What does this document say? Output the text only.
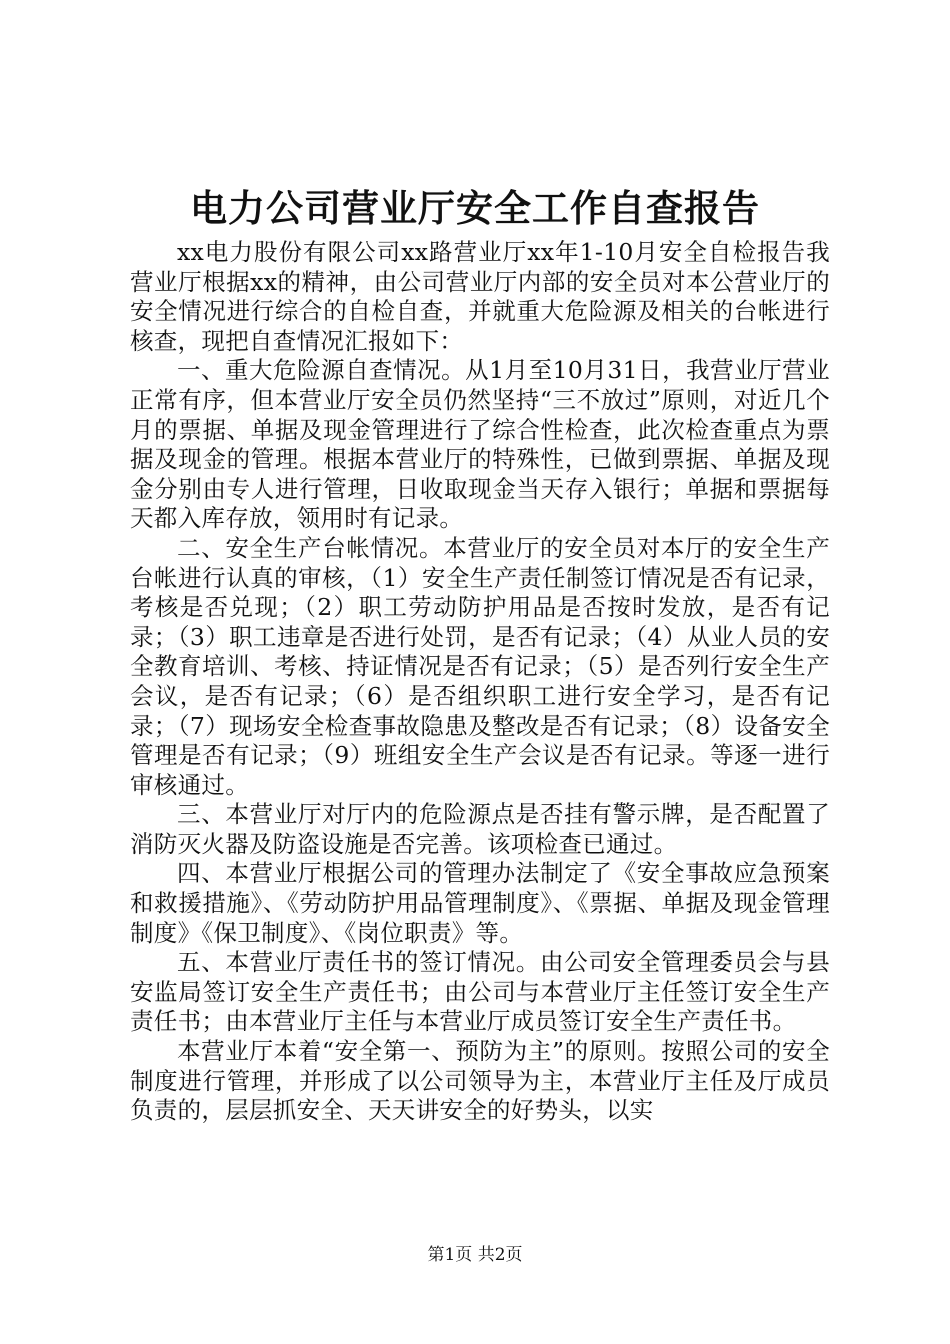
电力公司营业厅安全工作自查报告

xx电力股份有限公司xx路营业厅xx年1-10月安全自检报告我营业厅根据xx的精神，由公司营业厅内部的安全员对本公营业厅的安全情况进行综合的自检自查，并就重大危险源及相关的台帐进行核查，现把自查情况汇报如下：

一、重大危险源自查情况。从1月至10月31日，我营业厅营业正常有序，但本营业厅安全员仍然坚持“三不放过”原则，对近几个月的票据、单据及现金管理进行了综合性检查，此次检查重点为票据及现金的管理。根据本营业厅的特殊性，已做到票据、单据及现金分别由专人进行管理，日收取现金当天存入银行；单据和票据每天都入库存放，领用时有记录。

二、安全生产台帐情况。本营业厅的安全员对本厅的安全生产台帐进行认真的审核，（1）安全生产责任制签订情况是否有记录，考核是否兑现；（2）职工劳动防护用品是否按时发放，是否有记录；（3）职工违章是否进行处罚，是否有记录；（4）从业人员的安全教育培训、考核、持证情况是否有记录；（5）是否列行安全生产会议，是否有记录；（6）是否组织职工进行安全学习，是否有记录；（7）现场安全检查事故隐患及整改是否有记录；（8）设备安全管理是否有记录；（9）班组安全生产会议是否有记录。等逐一进行审核通过。

三、本营业厅对厅内的危险源点是否挂有警示牌，是否配置了消防灭火器及防盗设施是否完善。该项检查已通过。

四、本营业厅根据公司的管理办法制定了《安全事故应急预案和救援措施》、《劳动防护用品管理制度》、《票据、单据及现金管理制度》《保卫制度》、《岗位职责》等。

五、本营业厅责任书的签订情况。由公司安全管理委员会与县安监局签订安全生产责任书；由公司与本营业厅主任签订安全生产责任书；由本营业厅主任与本营业厅成员签订安全生产责任书。

本营业厅本着“安全第一、预防为主”的原则。按照公司的安全制度进行管理，并形成了以公司领导为主，本营业厅主任及厅成员负责的，层层抓安全、天天讲安全的好势头，以实

第1页 共2页
